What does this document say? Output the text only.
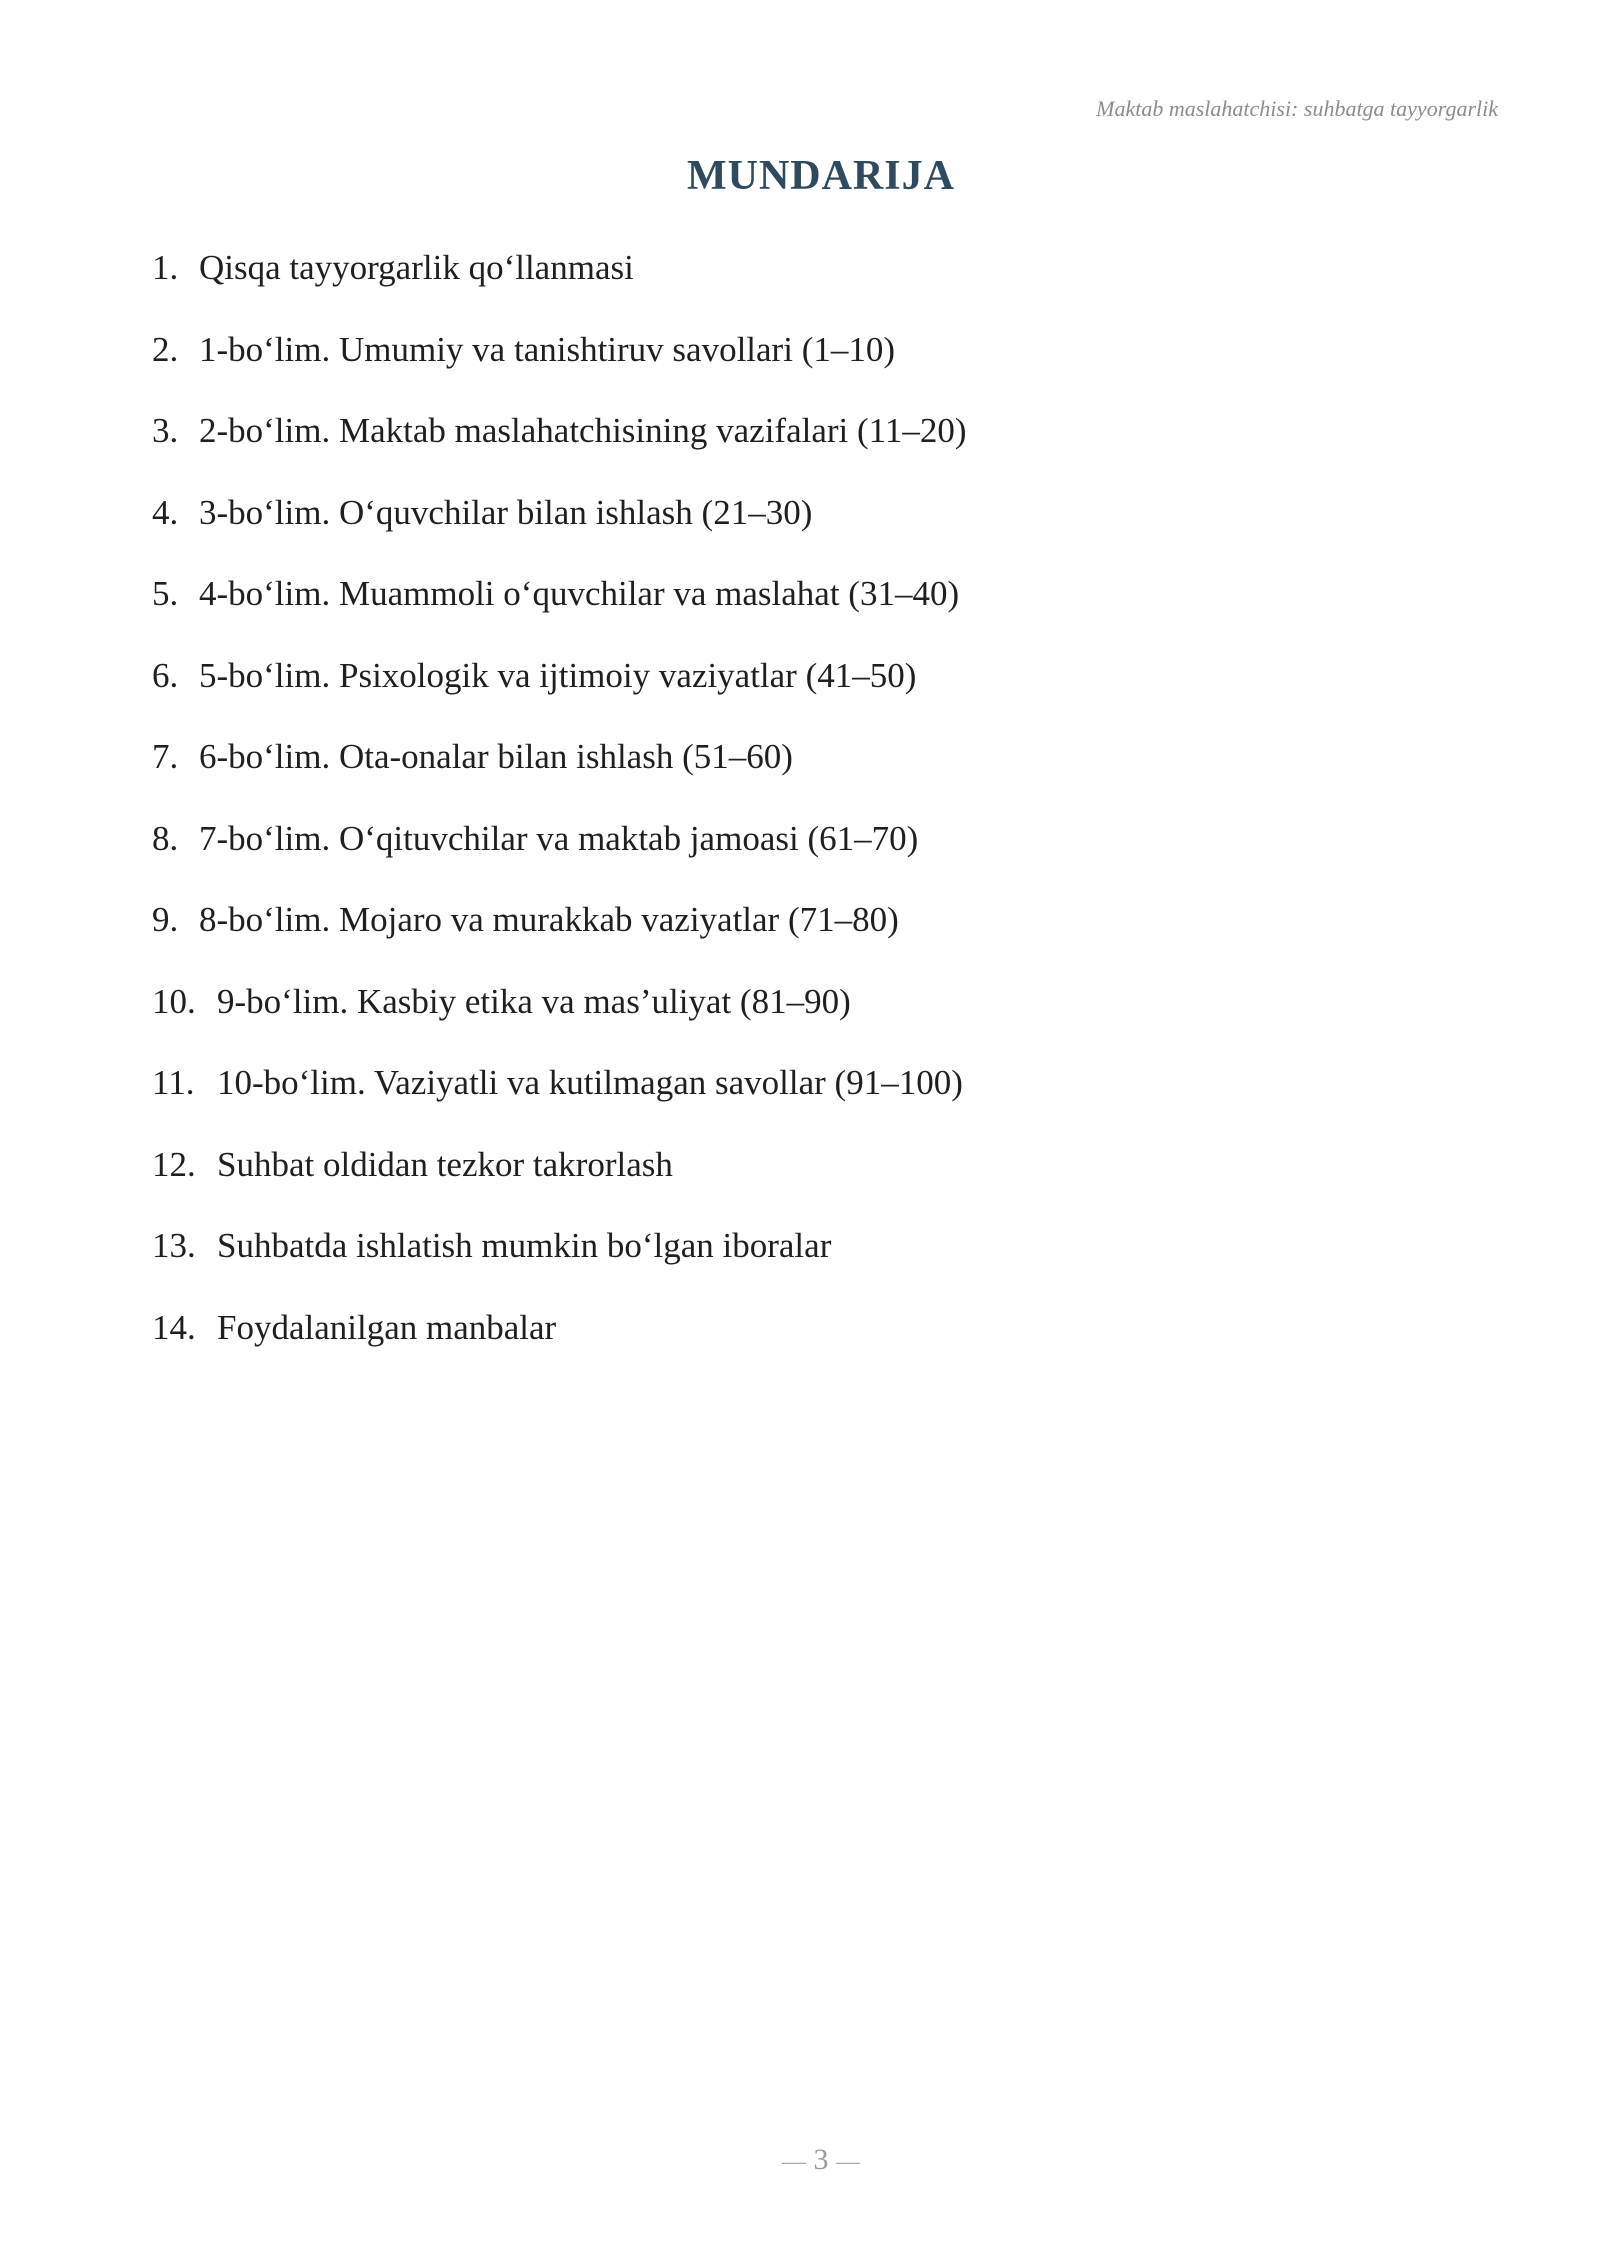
Maktab maslahatchisi: suhbatga tayyorgarlik
MUNDARIJA
1. Qisqa tayyorgarlik qo‘llanmasi
2. 1-bo‘lim. Umumiy va tanishtiruv savollari (1–10)
3. 2-bo‘lim. Maktab maslahatchisining vazifalari (11–20)
4. 3-bo‘lim. O‘quvchilar bilan ishlash (21–30)
5. 4-bo‘lim. Muammoli o‘quvchilar va maslahat (31–40)
6. 5-bo‘lim. Psixologik va ijtimoiy vaziyatlar (41–50)
7. 6-bo‘lim. Ota-onalar bilan ishlash (51–60)
8. 7-bo‘lim. O‘qituvchilar va maktab jamoasi (61–70)
9. 8-bo‘lim. Mojaro va murakkab vaziyatlar (71–80)
10. 9-bo‘lim. Kasbiy etika va mas’uliyat (81–90)
11. 10-bo‘lim. Vaziyatli va kutilmagan savollar (91–100)
12. Suhbat oldidan tezkor takrorlash
13. Suhbatda ishlatish mumkin bo‘lgan iboralar
14. Foydalanilgan manbalar
— 3 —
